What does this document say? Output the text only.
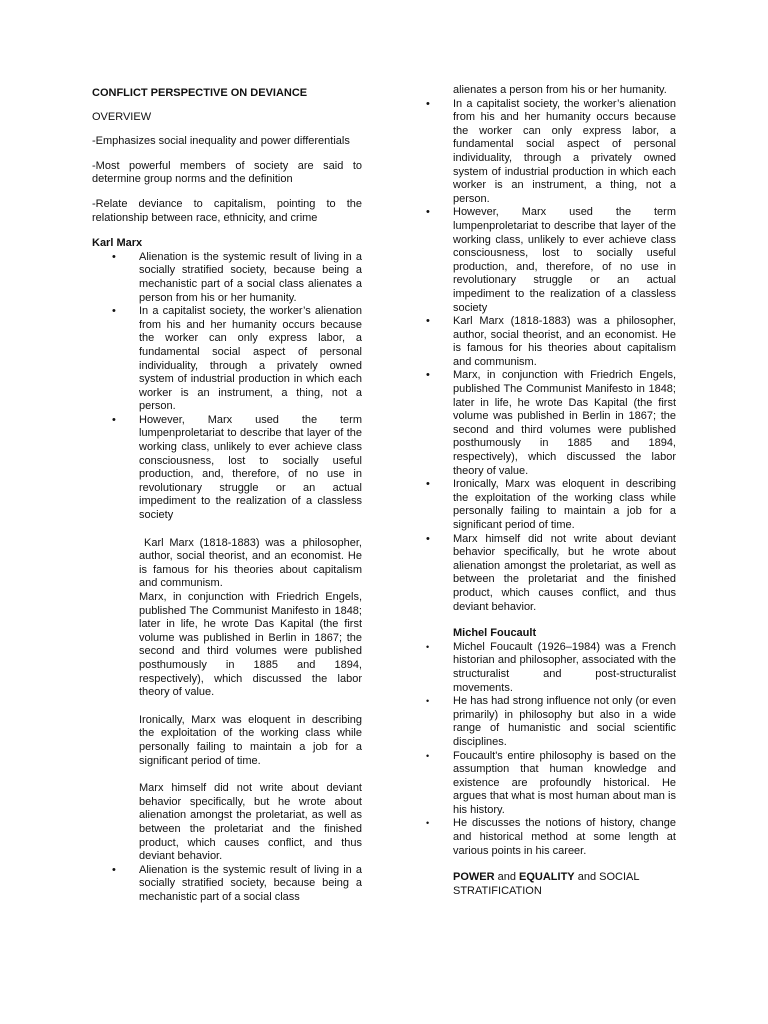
CONFLICT PERSPECTIVE ON DEVIANCE
OVERVIEW
-Emphasizes social inequality and power differentials
-Most powerful members of society are said to determine group norms and the definition
-Relate deviance to capitalism, pointing to the relationship between race, ethnicity, and crime
Karl Marx
• Alienation is the systemic result of living in a socially stratified society, because being a mechanistic part of a social class alienates a person from his or her humanity.
• In a capitalist society, the worker’s alienation from his and her humanity occurs because the worker can only express labor, a fundamental social aspect of personal individuality, through a privately owned system of industrial production in which each worker is an instrument, a thing, not a person.
• However, Marx used the term lumpenproletariat to describe that layer of the working class, unlikely to ever achieve class consciousness, lost to socially useful production, and, therefore, of no use in revolutionary struggle or an actual impediment to the realization of a classless society
Karl Marx (1818-1883) was a philosopher, author, social theorist, and an economist. He is famous for his theories about capitalism and communism.
Marx, in conjunction with Friedrich Engels, published The Communist Manifesto in 1848; later in life, he wrote Das Kapital (the first volume was published in Berlin in 1867; the second and third volumes were published posthumously in 1885 and 1894, respectively), which discussed the labor theory of value.
Ironically, Marx was eloquent in describing the exploitation of the working class while personally failing to maintain a job for a significant period of time.
Marx himself did not write about deviant behavior specifically, but he wrote about alienation amongst the proletariat, as well as between the proletariat and the finished product, which causes conflict, and thus deviant behavior.
• Alienation is the systemic result of living in a socially stratified society, because being a mechanistic part of a social class
alienates a person from his or her humanity.
• In a capitalist society, the worker’s alienation from his and her humanity occurs because the worker can only express labor, a fundamental social aspect of personal individuality, through a privately owned system of industrial production in which each worker is an instrument, a thing, not a person.
• However, Marx used the term lumpenproletariat to describe that layer of the working class, unlikely to ever achieve class consciousness, lost to socially useful production, and, therefore, of no use in revolutionary struggle or an actual impediment to the realization of a classless society
• Karl Marx (1818-1883) was a philosopher, author, social theorist, and an economist. He is famous for his theories about capitalism and communism.
• Marx, in conjunction with Friedrich Engels, published The Communist Manifesto in 1848; later in life, he wrote Das Kapital (the first volume was published in Berlin in 1867; the second and third volumes were published posthumously in 1885 and 1894, respectively), which discussed the labor theory of value.
• Ironically, Marx was eloquent in describing the exploitation of the working class while personally failing to maintain a job for a significant period of time.
• Marx himself did not write about deviant behavior specifically, but he wrote about alienation amongst the proletariat, as well as between the proletariat and the finished product, which causes conflict, and thus deviant behavior.
Michel Foucault
• Michel Foucault (1926–1984) was a French historian and philosopher, associated with the structuralist and post-structuralist movements.
• He has had strong influence not only (or even primarily) in philosophy but also in a wide range of humanistic and social scientific disciplines.
• Foucault's entire philosophy is based on the assumption that human knowledge and existence are profoundly historical. He argues that what is most human about man is his history.
• He discusses the notions of history, change and historical method at some length at various points in his career.
POWER and EQUALITY and SOCIAL STRATIFICATION
